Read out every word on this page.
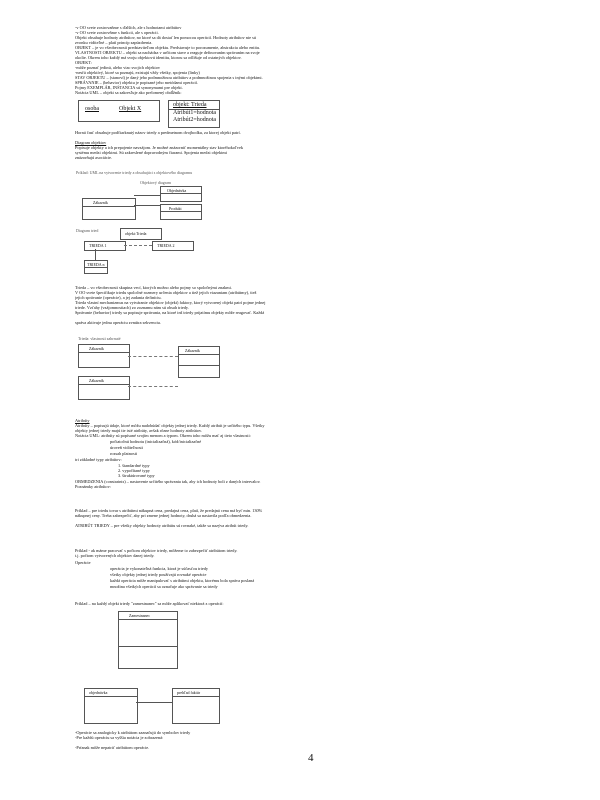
-v OO svete zostrovaňme s ďalších, ale s hodnotami atribútov
-v OO svete zostrovňme s funkcii, ale s operácii.
Objekt obsahuje hodnoty atribútov, no ktoré sa dá dostať len pomocou operácií. Hodnoty atribútov nie sú
zvonku viditeľné – platí princíp zapúzdrenia.
OBJEKT – je vo všeobecnosti predstaviteľom objektu. Predstavuje to porozumenie, abstrakcia alebo entitu.
VLASTNOSTI OBJEKTU – objekt sa nachádza v určitom stave a reaguje definovaním správaním na svoje
okolie. Okrem toho každý má svoju objektovú identitu, ktorou sa odlišuje od ostatných objektov.
OBJEKT:
-môže poznať jedinú, alebo viac svojich objektov
-nesfú objektívý, ktoré sa poznajú, existujú vždy všetky, spojenia (linky)
STAV OBJEKTU – (stanoví) je daný jeho podmnožinou atribútov a podmnožinou spojenia s inými objektmi.
SPRÁVANIE – (behavior) objektu je popisané jeho metódami operácií.
Pojmy EXEMPLÁR, INŠTANCIA sú synonymami pre objekt.
Notácia UML – objekt sa zakresľuje ako prelomený obdĺžnik:
osoba	Objekt X
objekt: Trieda
Atribút1=hodnota
Atribút2=hodnota
Horná časť obsahuje podčiarknutý názov triedy a predmetnom dvojbodku, za ktorej objekt patrí.
Diagram objektov
Popisuje objekty a ich prepojenie navzájom. Je možné znázorniť momentálny stav ktoréhokoľvek
systému medzi objektmi. Sú zakreslené dopravodným čiarami. Spojenia medzi objektmi
znázorňujú asociácie.
Príklad: UML na vytvorenie triedy a obsahujúci s objektového diagramu
Objektový diagram
Zákazník
Objednávka
Produkt
Diagram tried
objekt:Trieda
TRIEDA 1	TRIEDA 2
TRIEDA n
Trieda – vo všeobecnosti skupina vecí, ktorých možno alebo pojmy so spoločnými znakmi.
V OO svete špecifikuje triedu spoločné rozmery určenia objektov a tiež jejich viazaniam (atribútmy), tiež
jejich správanie (operácie), a jej zadania definíciu.
Trieda vlastní mechanizmus na vytváranie objektov (objekt) faktory, ktorý vytvorený objekt patrí pojme jednej
triede. Vzťahy (vzájomnostiach) zo zoznamu nám sú obsah triedy.
Správanie (behavior) triedy sa popisuje správania, na ktoré inš triedy prijatímu objekty môže reagovať. Každá
správa aktivuje jednu operáciu zvnútra sekvenciu.
Trieda: vlastnosti zahrnuté
Zákazník	Zákazník
Zákazník
Atribúty
Atribúty – popisujú údaje, ktoré môžu nadobúdať objekty jednej triedy. Každý atribút je určitého typu. Všetky
objekty jednej triedy majú tie isté atribúty, avšak rôzne hodnoty atribútov.
Notácia UML: atribúty sú popísané svojím menom a typom. Okrem toho môžu mať aj tieto vlastnosti:
• počiatočnú hodnotu (inicializačná), kód/inicializačné
• úroveň viditeľnosti
• rozsah platnosti
tri základné typy atribútov:
1. štandardné typy
2. vypočítané typy
3. štruktúrované typy
OBMEDZENIA (constraints) – nastavenie určitého správania tak, aby ich hodnoty boli z daných intervalov.
Poznámky atribútov:
Príklad – pre triedu tovar s atribútmi nákupná cena, predajná cena, platí, že predajná cena má byť min. 130%
nákupnej ceny. Treba zabezpečiť, aby pri zmene jednej hodnoty, druhá sa nastavila podľa obmedzenia.
ATRIBÚT TRIEDY – pre všetky objekty hodnoty atribútu sú rovnaké, takže sa nazýva atribút triedy.
Príklad - ak máme pracovať s počtom objektov triedy, môžeme to zabezpečiť atribútom triedy.
t.j. počtom vytvorených objektov danej triedy.
Operácie
• operácia je vykonateľná funkcia, ktorá je súčasťou triedy
• všetky objekty jednej triedy používajú rovnaké operácie
• každá operácia môže manipulovať s atribútmi objektu, ktorému bola správa poslaná
• množina všetkých operácií sa označuje ako správanie sa triedy
Príklad – na každý objekt triedy "zamestnanec" sa môže aplikovať niektorá z operácií:
Zamestnanec
objednávka	prehľad faktúr
-Operácie sa analogicky k atribútom zaznačujú do symbolov triedy
-Pre každú operáciu sa vyššia notácia je zobrazená:
-Príznak môže nepatriť atribútom operácie.
4
